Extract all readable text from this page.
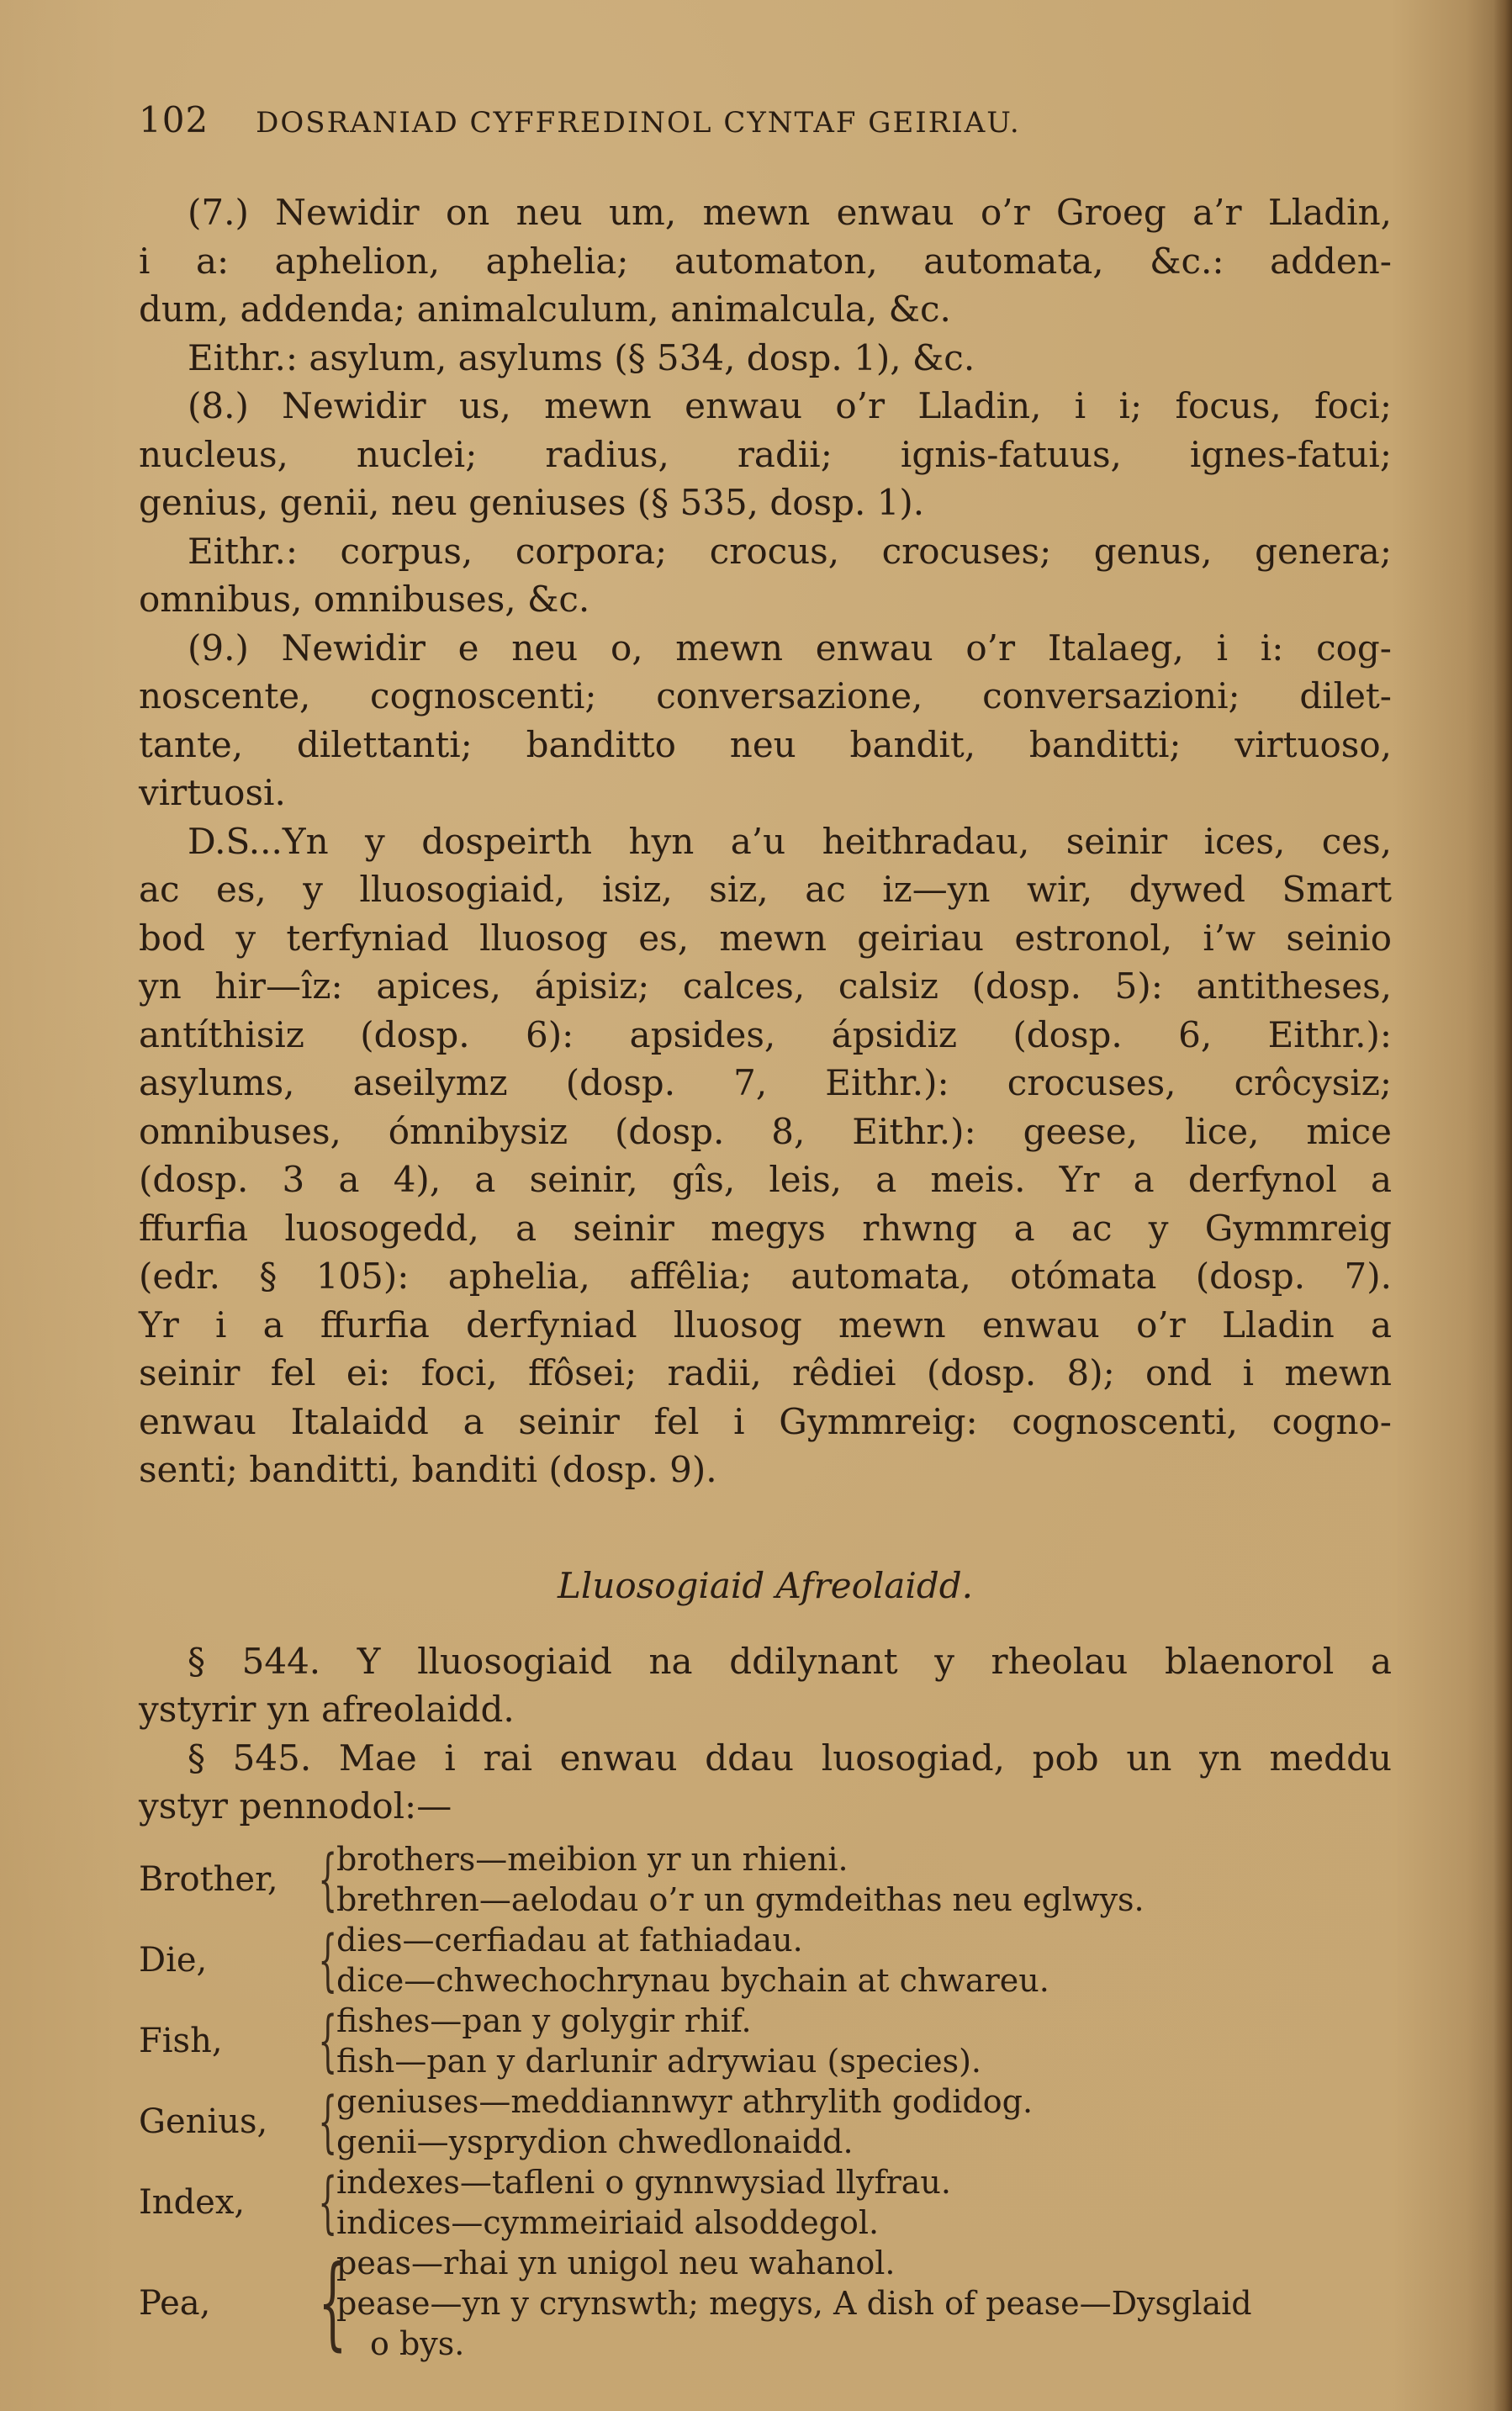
102 DOSRANIAD CYFFREDINOL CYNTAF GEIRIAU.
(7.) Newidir on neu um, mewn enwau o’r Groeg a’r Lladin,
i a: aphelion, aphelia; automaton, automata, &c.: adden-
dum, addenda; animalculum, animalcula, &c.
Eithr.: asylum, asylums (§ 534, dosp. 1), &c.
(8.) Newidir us, mewn enwau o’r Lladin, i i; focus, foci;
nucleus, nuclei; radius, radii; ignis-fatuus, ignes-fatui;
genius, genii, neu geniuses (§ 535, dosp. 1).
Eithr.: corpus, corpora; crocus, crocuses; genus, genera;
omnibus, omnibuses, &c.
(9.) Newidir e neu o, mewn enwau o’r Italaeg, i i: cog-
noscente, cognoscenti; conversazione, conversazioni; dilet-
tante, dilettanti; banditto neu bandit, banditti; virtuoso,
virtuosi.
D.S...Yn y dospeirth hyn a’u heithradau, seinir ices, ces,
ac es, y lluosogiaid, isiz, siz, ac iz—yn wir, dywed Smart
bod y terfyniad lluosog es, mewn geiriau estronol, i’w seinio
yn hir—îz: apices, ápisiz; calces, calsiz (dosp. 5): antitheses,
antíthisiz (dosp. 6): apsides, ápsidiz (dosp. 6, Eithr.):
asylums, aseilymz (dosp. 7, Eithr.): crocuses, crôcysiz;
omnibuses, ómnibysiz (dosp. 8, Eithr.): geese, lice, mice
(dosp. 3 a 4), a seinir, gîs, leis, a meis. Yr a derfynol a
ffurfia luosogedd, a seinir megys rhwng a ac y Gymmreig
(edr. § 105): aphelia, affêlia; automata, otómata (dosp. 7).
Yr i a ffurfia derfyniad lluosog mewn enwau o’r Lladin a
seinir fel ei: foci, ffôsei; radii, rêdiei (dosp. 8); ond i mewn
enwau Italaidd a seinir fel i Gymmreig: cognoscenti, cogno-
senti; banditti, banditi (dosp. 9).
Lluosogiaid Afreolaidd.
§ 544. Y lluosogiaid na ddilynant y rheolau blaenorol a
ystyrir yn afreolaidd.
§ 545. Mae i rai enwau ddau luosogiad, pob un yn meddu
ystyr pennodol:—
Brother, {
brothers—meibion yr un rhieni.
brethren—aelodau o’r un gymdeithas neu eglwys.
Die,	{
dies—cerfiadau at fathiadau.
dice—chwechochrynau bychain at chwareu.
Fish,	{
fishes—pan y golygir rhif.
fish—pan y darlunir adrywiau (species).
Genius, {
geniuses—meddiannwyr athrylith godidog.
genii—ysprydion chwedlonaidd.
Index,	{
indexes—tafleni o gynnwysiad llyfrau.
indices—cymmeiriaid alsoddegol.
Pea,	{
peas—rhai yn unigol neu wahanol.
pease—yn y crynswth; megys, A dish of pease—Dysglaid
o bys.
